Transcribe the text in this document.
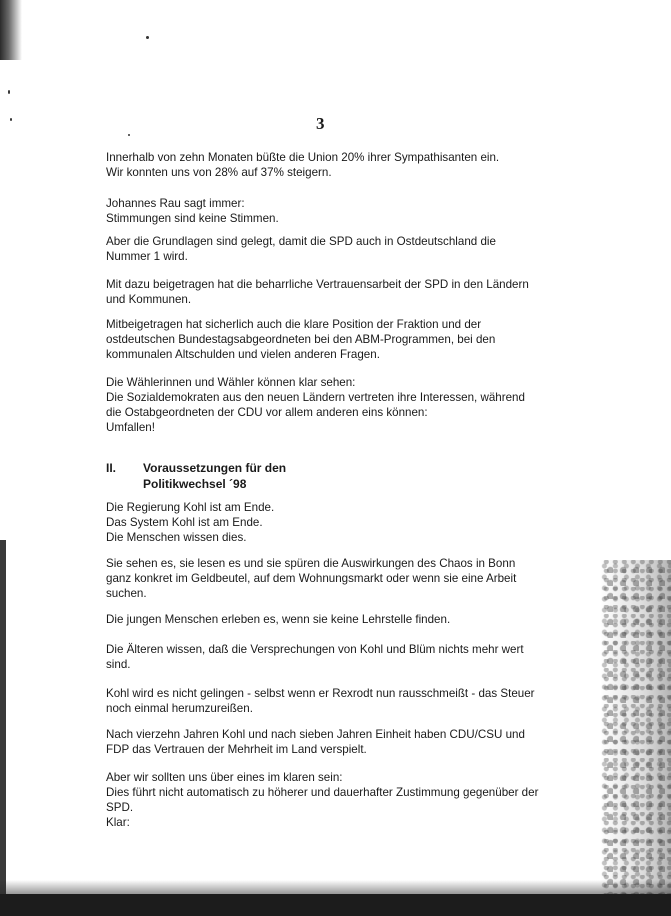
3

Innerhalb von zehn Monaten büßte die Union 20% ihrer Sympathisanten ein.
Wir konnten uns von 28% auf 37% steigern.

Johannes Rau sagt immer:
Stimmungen sind keine Stimmen.

Aber die Grundlagen sind gelegt, damit die SPD auch in Ostdeutschland die
Nummer 1 wird.

Mit dazu beigetragen hat die beharrliche Vertrauensarbeit der SPD in den Ländern
und Kommunen.

Mitbeigetragen hat sicherlich auch die klare Position der Fraktion und der
ostdeutschen Bundestagsabgeordneten bei den ABM-Programmen, bei den
kommunalen Altschulden und vielen anderen Fragen.

Die Wählerinnen und Wähler können klar sehen:
Die Sozialdemokraten aus den neuen Ländern vertreten ihre Interessen, während
die Ostabgeordneten der CDU vor allem anderen eins können:
Umfallen!

II. Voraussetzungen für den
Politikwechsel ´98

Die Regierung Kohl ist am Ende.
Das System Kohl ist am Ende.
Die Menschen wissen dies.

Sie sehen es, sie lesen es und sie spüren die Auswirkungen des Chaos in Bonn
ganz konkret im Geldbeutel, auf dem Wohnungsmarkt oder wenn sie eine Arbeit
suchen.

Die jungen Menschen erleben es, wenn sie keine Lehrstelle finden.

Die Älteren wissen, daß die Versprechungen von Kohl und Blüm nichts mehr wert
sind.

Kohl wird es nicht gelingen - selbst wenn er Rexrodt nun rausschmeißt - das Steuer
noch einmal herumzureißen.

Nach vierzehn Jahren Kohl und nach sieben Jahren Einheit haben CDU/CSU und
FDP das Vertrauen der Mehrheit im Land verspielt.

Aber wir sollten uns über eines im klaren sein:
Dies führt nicht automatisch zu höherer und dauerhafter Zustimmung gegenüber der
SPD.
Klar:
